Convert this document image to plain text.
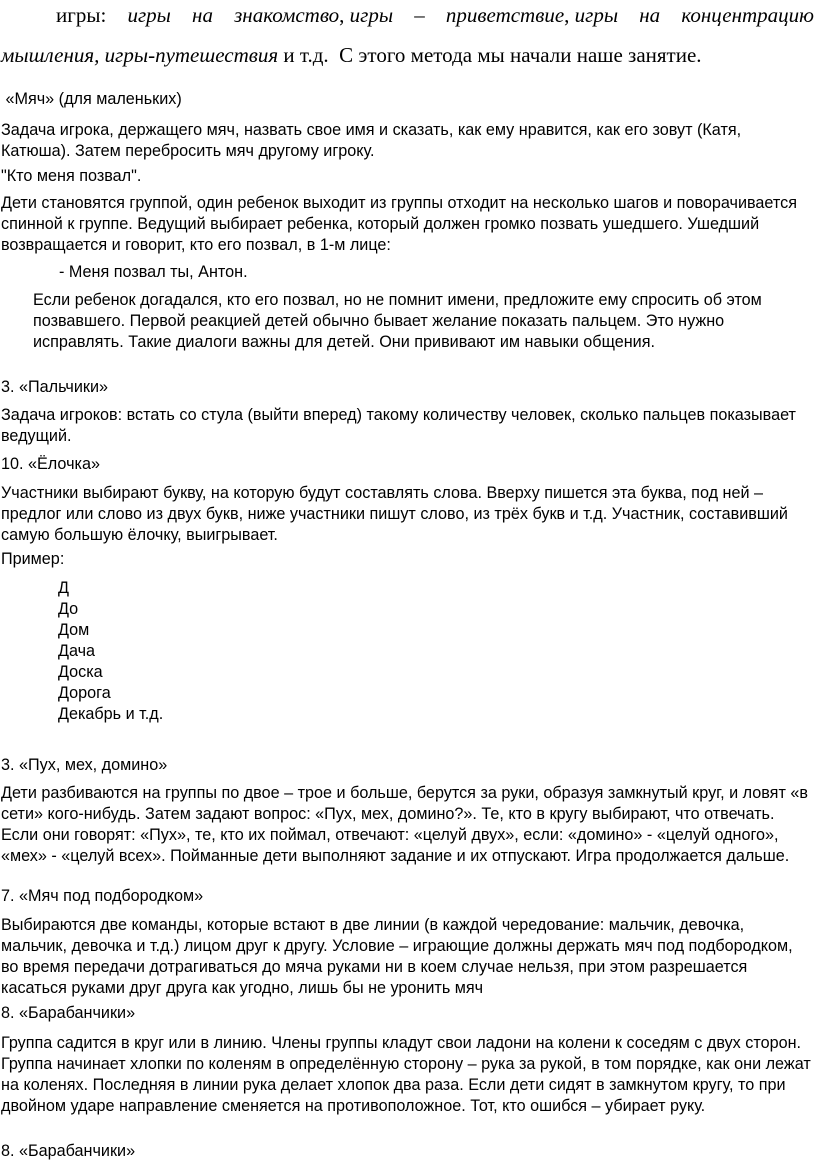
игры: игры на знакомство, игры – приветствие, игры на концентрацию
мышления, игры-путешествия и т.д.  С этого метода мы начали наше занятие.

«Мяч» (для маленьких)

Задача игрока, держащего мяч, назвать свое имя и сказать, как ему нравится, как его зовут (Катя, Катюша). Затем перебросить мяч другому игроку.

"Кто меня позвал".

Дети становятся группой, один ребенок выходит из группы отходит на несколько шагов и поворачивается спинной к группе. Ведущий выбирает ребенка, который должен громко позвать ушедшего. Ушедший возвращается и говорит, кто его позвал, в 1-м лице:

- Меня позвал ты, Антон.

Если ребенок догадался, кто его позвал, но не помнит имени, предложите ему спросить об этом позвавшего. Первой реакцией детей обычно бывает желание показать пальцем. Это нужно исправлять. Такие диалоги важны для детей. Они прививают им навыки общения.

3. «Пальчики»

Задача игроков: встать со стула (выйти вперед) такому количеству человек, сколько пальцев показывает ведущий.

10. «Ёлочка»

Участники выбирают букву, на которую будут составлять слова. Вверху пишется эта буква, под ней – предлог или слово из двух букв, ниже участники пишут слово, из трёх букв и т.д. Участник, составивший самую большую ёлочку, выигрывает.

Пример:

Д
До
Дом
Дача
Доска
Дорога
Декабрь и т.д.

3. «Пух, мех, домино»

Дети разбиваются на группы по двое – трое и больше, берутся за руки, образуя замкнутый круг, и ловят «в сети» кого-нибудь. Затем задают вопрос: «Пух, мех, домино?». Те, кто в кругу выбирают, что отвечать. Если они говорят: «Пух», те, кто их поймал, отвечают: «целуй двух», если: «домино» - «целуй одного», «мех» - «целуй всех». Пойманные дети выполняют задание и их отпускают. Игра продолжается дальше.

7. «Мяч под подбородком»

Выбираются две команды, которые встают в две линии (в каждой чередование: мальчик, девочка, мальчик, девочка и т.д.) лицом друг к другу. Условие – играющие должны держать мяч под подбородком, во время передачи дотрагиваться до мяча руками ни в коем случае нельзя, при этом разрешается касаться руками друг друга как угодно, лишь бы не уронить мяч

8. «Барабанчики»

Группа садится в круг или в линию. Члены группы кладут свои ладони на колени к соседям с двух сторон. Группа начинает хлопки по коленям в определённую сторону – рука за рукой, в том порядке, как они лежат на коленях. Последняя в линии рука делает хлопок два раза. Если дети сидят в замкнутом кругу, то при двойном ударе направление сменяется на противоположное. Тот, кто ошибся – убирает руку.

8. «Барабанчики»
